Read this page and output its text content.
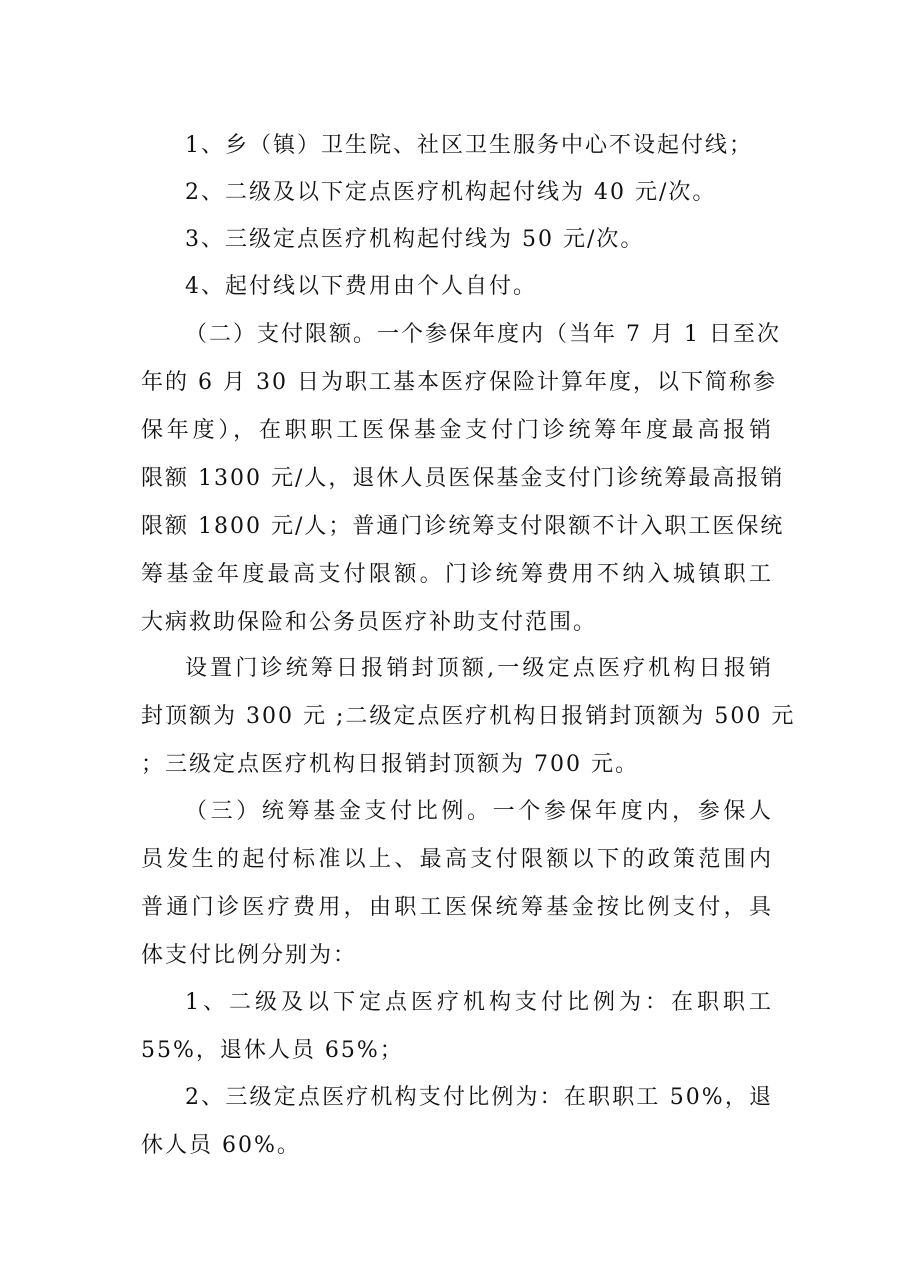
1、乡（镇）卫生院、社区卫生服务中心不设起付线；
2、二级及以下定点医疗机构起付线为 40 元/次。
3、三级定点医疗机构起付线为 50 元/次。
4、起付线以下费用由个人自付。
（二）支付限额。一个参保年度内（当年 7 月 1 日至次
年的 6 月 30 日为职工基本医疗保险计算年度，以下简称参
保年度），在职职工医保基金支付门诊统筹年度最高报销
限额 1300 元/人，退休人员医保基金支付门诊统筹最高报销
限额 1800 元/人；普通门诊统筹支付限额不计入职工医保统
筹基金年度最高支付限额。门诊统筹费用不纳入城镇职工
大病救助保险和公务员医疗补助支付范围。
设置门诊统筹日报销封顶额,一级定点医疗机构日报销
封顶额为 300 元 ;二级定点医疗机构日报销封顶额为 500 元
；三级定点医疗机构日报销封顶额为 700 元。
（三）统筹基金支付比例。一个参保年度内，参保人
员发生的起付标准以上、最高支付限额以下的政策范围内
普通门诊医疗费用，由职工医保统筹基金按比例支付，具
体支付比例分别为：
1、二级及以下定点医疗机构支付比例为：在职职工
55%，退休人员 65%；
2、三级定点医疗机构支付比例为：在职职工 50%，退
休人员 60%。
